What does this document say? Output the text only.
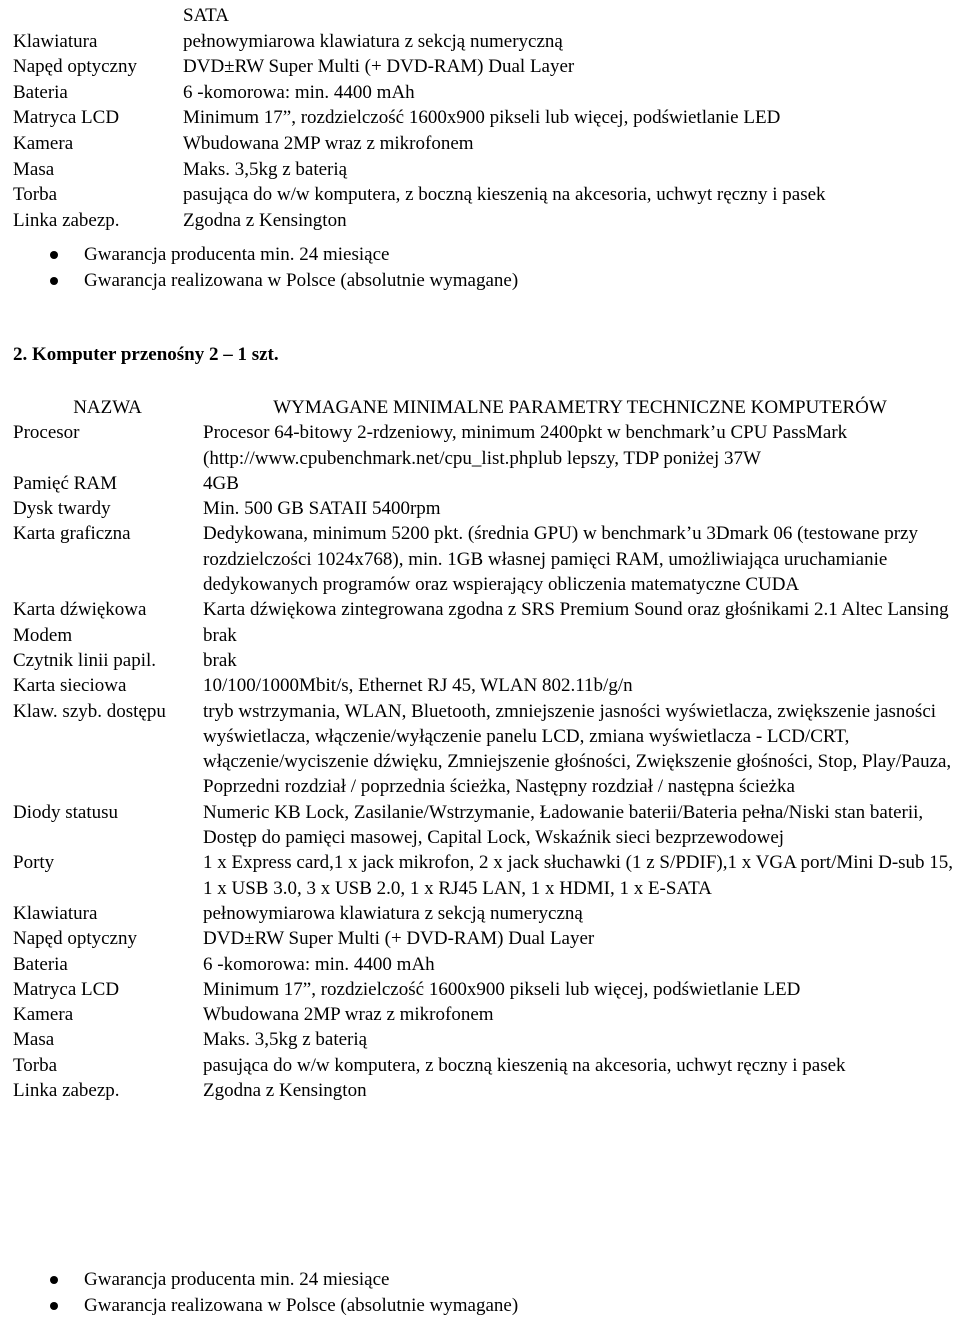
	SATA
Klawiatura	pełnowymiarowa klawiatura z sekcją numeryczną
Napęd optyczny	DVD±RW Super Multi (+ DVD-RAM) Dual Layer
Bateria	6 -komorowa: min. 4400 mAh
Matryca LCD	Minimum 17”, rozdzielczość 1600x900 pikseli lub więcej, podświetlanie LED
Kamera	Wbudowana 2MP wraz z mikrofonem
Masa	Maks. 3,5kg z baterią
Torba	pasująca do w/w komputera, z boczną kieszenią na akcesoria, uchwyt ręczny i pasek
Linka zabezp.	Zgodna z Kensington
Gwarancja producenta min. 24 miesiące
Gwarancja realizowana w Polsce (absolutnie wymagane)
2. Komputer przenośny 2 – 1 szt.
NAZWA	WYMAGANE MINIMALNE PARAMETRY TECHNICZNE KOMPUTERÓW
Procesor	Procesor 64-bitowy 2-rdzeniowy, minimum 2400pkt w benchmark’u CPU PassMark (http://www.cpubenchmark.net/cpu_list.phplub lepszy, TDP poniżej 37W
Pamięć RAM	4GB
Dysk twardy	Min. 500 GB SATAII 5400rpm
Karta graficzna	Dedykowana, minimum 5200 pkt. (średnia GPU) w benchmark’u 3Dmark 06 (testowane przy rozdzielczości 1024x768), min. 1GB własnej pamięci RAM, umożliwiająca uruchamianie dedykowanych programów oraz wspierający obliczenia matematyczne CUDA
Karta dźwiękowa	Karta dźwiękowa zintegrowana zgodna z SRS Premium Sound oraz głośnikami 2.1 Altec Lansing
Modem	brak
Czytnik linii papil.	brak
Karta sieciowa	10/100/1000Mbit/s, Ethernet RJ 45, WLAN 802.11b/g/n
Klaw. szyb. dostępu	tryb wstrzymania, WLAN, Bluetooth, zmniejszenie jasności wyświetlacza, zwiększenie jasności wyświetlacza, włączenie/wyłączenie panelu LCD, zmiana wyświetlacza - LCD/CRT, włączenie/wyciszenie dźwięku, Zmniejszenie głośności, Zwiększenie głośności, Stop, Play/Pauza, Poprzedni rozdział / poprzednia ścieżka, Następny rozdział / następna ścieżka
Diody statusu	Numeric KB Lock, Zasilanie/Wstrzymanie, Ładowanie baterii/Bateria pełna/Niski stan baterii, Dostęp do pamięci masowej, Capital Lock, Wskaźnik sieci bezprzewodowej
Porty	1 x Express card,1 x jack mikrofon, 2 x jack słuchawki (1 z S/PDIF),1 x VGA port/Mini D-sub 15, 1 x USB 3.0, 3 x USB 2.0, 1 x RJ45 LAN, 1 x HDMI, 1 x E-SATA
Klawiatura	pełnowymiarowa klawiatura z sekcją numeryczną
Napęd optyczny	DVD±RW Super Multi (+ DVD-RAM) Dual Layer
Bateria	6 -komorowa: min. 4400 mAh
Matryca LCD	Minimum 17”, rozdzielczość 1600x900 pikseli lub więcej, podświetlanie LED
Kamera	Wbudowana 2MP wraz z mikrofonem
Masa	Maks. 3,5kg z baterią
Torba	pasująca do w/w komputera, z boczną kieszenią na akcesoria, uchwyt ręczny i pasek
Linka zabezp.	Zgodna z Kensington
Gwarancja producenta min. 24 miesiące
Gwarancja realizowana w Polsce (absolutnie wymagane)
